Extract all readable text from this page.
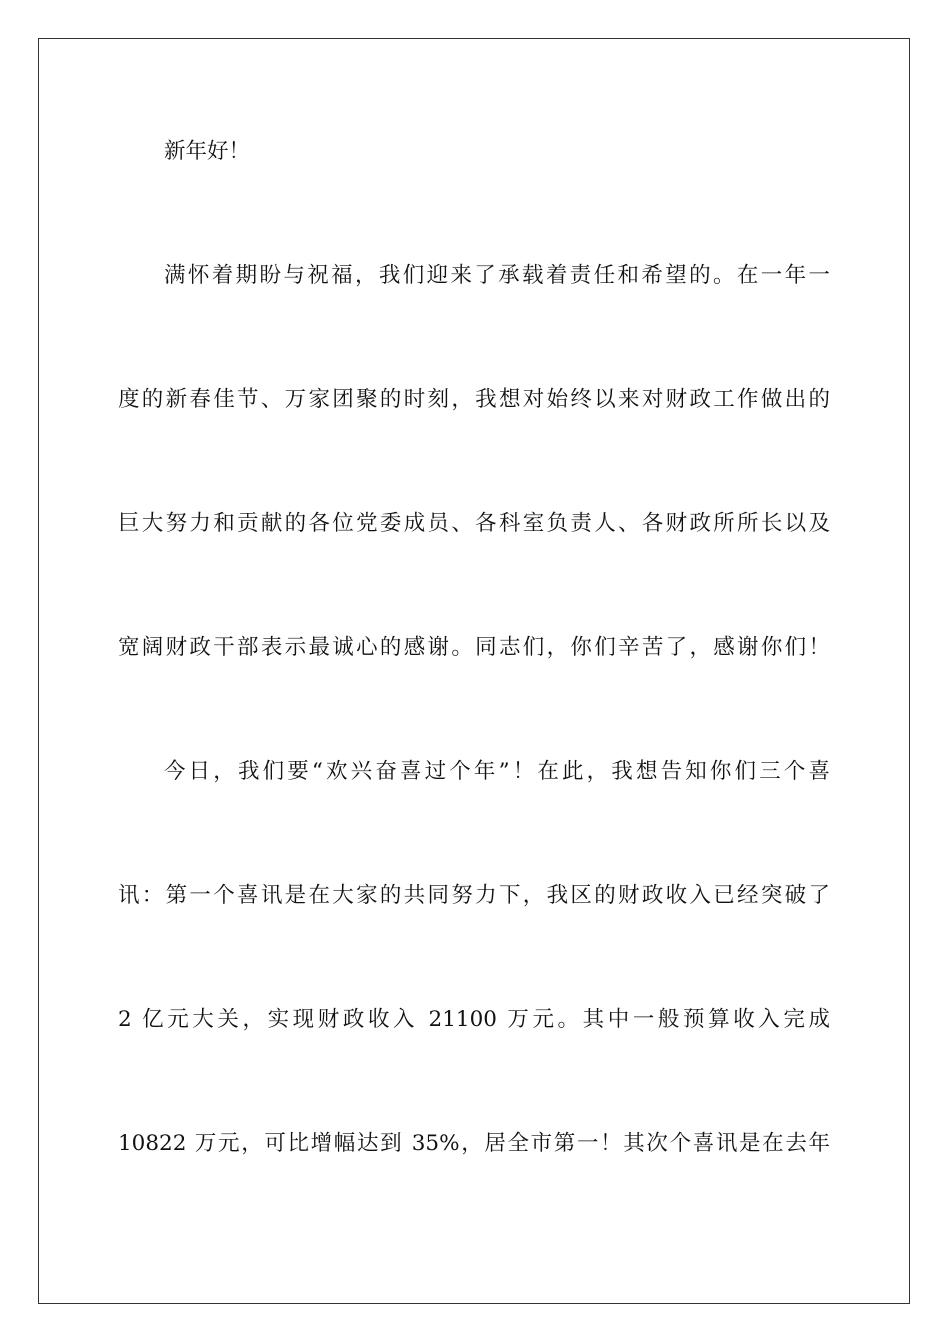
新年好！
满怀着期盼与祝福，我们迎来了承载着责任和希望的。在一年一
度的新春佳节、万家团聚的时刻，我想对始终以来对财政工作做出的
巨大努力和贡献的各位党委成员、各科室负责人、各财政所所长以及
宽阔财政干部表示最诚心的感谢。同志们，你们辛苦了，感谢你们！
今日，我们要“欢兴奋喜过个年”！在此，我想告知你们三个喜
讯：第一个喜讯是在大家的共同努力下，我区的财政收入已经突破了
2 亿元大关，实现财政收入 21100 万元。其中一般预算收入完成
10822 万元，可比增幅达到 35%，居全市第一！其次个喜讯是在去年
